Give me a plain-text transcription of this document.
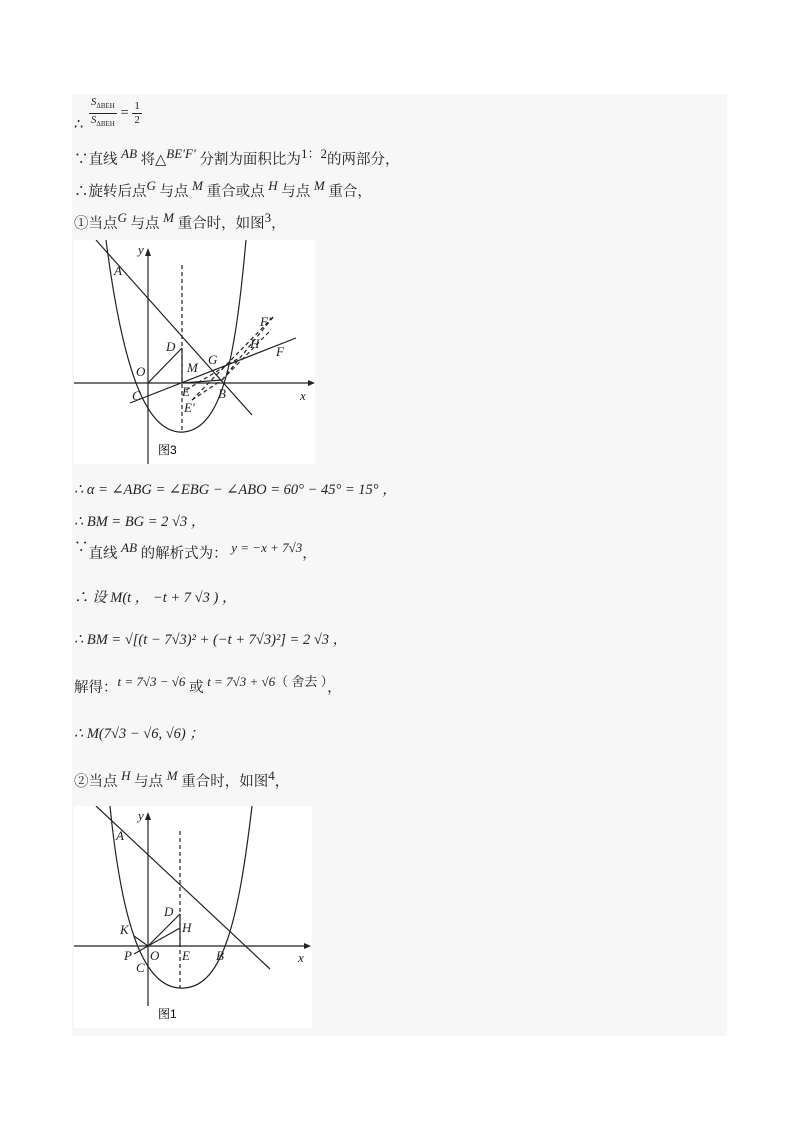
∴ $\frac{S_{\Delta BEH}}{S_{\Delta BEH}} = \frac{1}{2}$
∵直线 AB 将△BE′F′ 分割为面积比为1：2的两部分，
∴旋转后点G 与点 M 重合或点 H 与点 M 重合，
①当点G 与点 M 重合时，如图3，
y
x
A
D
O
C
M
E
E′
B
G
H
F
F′
图3
∴ α = ∠ABG = ∠EBG − ∠ABO = 60° − 45° = 15° ，
∴ BM = BG = 2 √3 ，
∵直线 AB 的解析式为： y = −x + 7√3，
∴ 设 M(t ， −t + 7 √3 ) ，
∴ BM = √[(t − 7√3)² + (−t + 7√3)²] = 2 √3 ，
解得：t = 7√3 − √6 或 t = 7√3 + √6（ 舍去 ），
∴ M(7√3 − √6, √6) ；
②当点 H 与点 M 重合时，如图4，
y
x
A
D
H
K
P O
C
E B
图1
